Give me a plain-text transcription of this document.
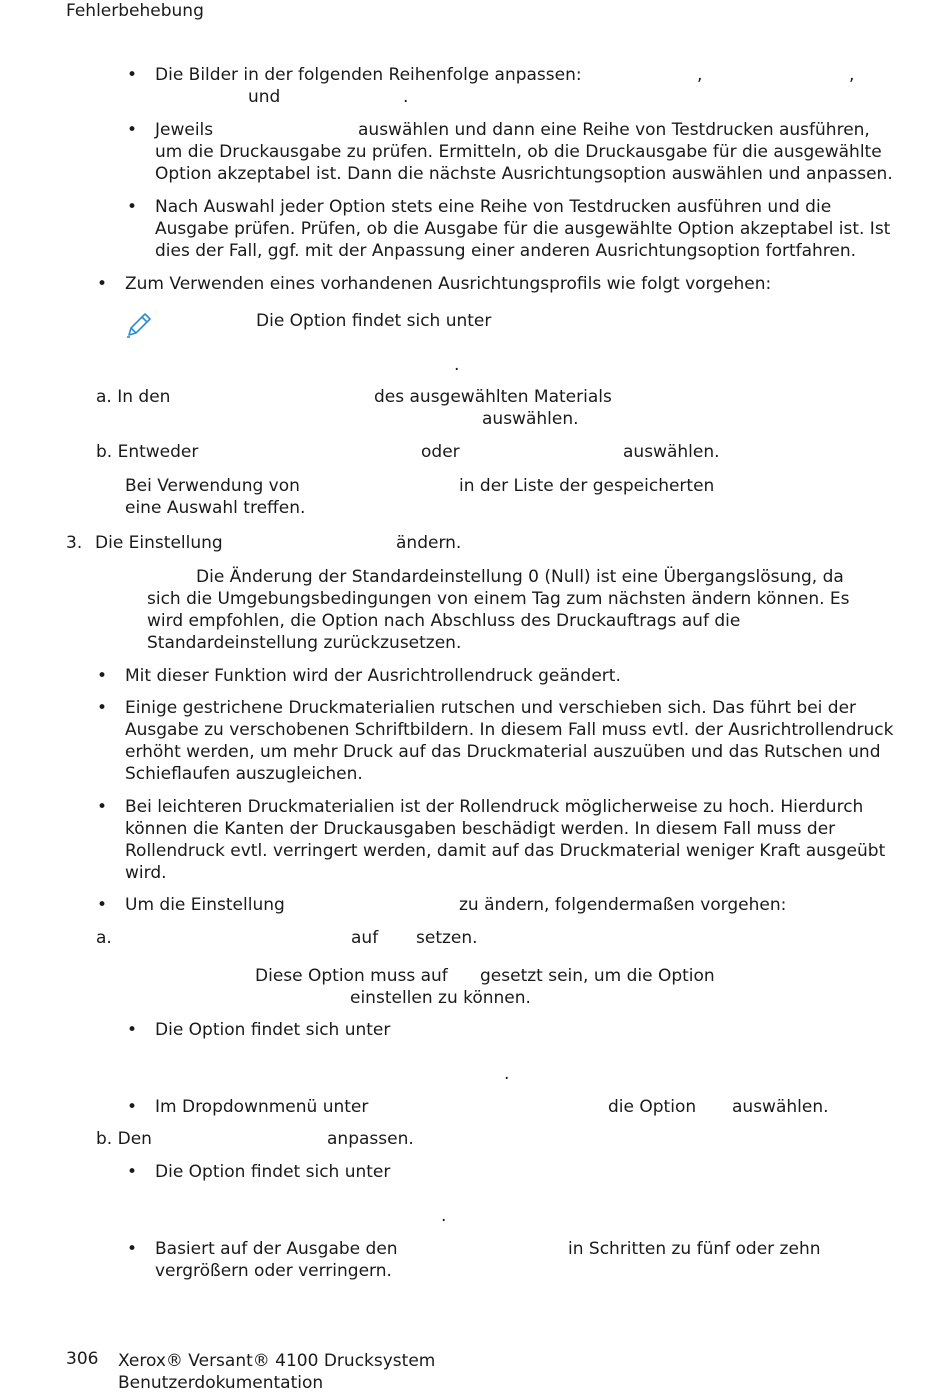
Fehlerbehebung
• Die Bilder in der folgenden Reihenfolge anpassen:	,	,
und	.
• Jeweils	auswählen und dann eine Reihe von Testdrucken ausführen,
um die Druckausgabe zu prüfen. Ermitteln, ob die Druckausgabe für die ausgewählte
Option akzeptabel ist. Dann die nächste Ausrichtungsoption auswählen und anpassen.
• Nach Auswahl jeder Option stets eine Reihe von Testdrucken ausführen und die
Ausgabe prüfen. Prüfen, ob die Ausgabe für die ausgewählte Option akzeptabel ist. Ist
dies der Fall, ggf. mit der Anpassung einer anderen Ausrichtungsoption fortfahren.
• Zum Verwenden eines vorhandenen Ausrichtungsprofils wie folgt vorgehen:
Die Option findet sich unter
.
a. In den	des ausgewählten Materials
auswählen.
b. Entweder	oder	auswählen.
Bei Verwendung von	in der Liste der gespeicherten
eine Auswahl treffen.
3. Die Einstellung	ändern.
Die Änderung der Standardeinstellung 0 (Null) ist eine Übergangslösung, da
sich die Umgebungsbedingungen von einem Tag zum nächsten ändern können. Es
wird empfohlen, die Option nach Abschluss des Druckauftrags auf die
Standardeinstellung zurückzusetzen.
• Mit dieser Funktion wird der Ausrichtrollendruck geändert.
• Einige gestrichene Druckmaterialien rutschen und verschieben sich. Das führt bei der
Ausgabe zu verschobenen Schriftbildern. In diesem Fall muss evtl. der Ausrichtrollendruck
erhöht werden, um mehr Druck auf das Druckmaterial auszuüben und das Rutschen und
Schieflaufen auszugleichen.
• Bei leichteren Druckmaterialien ist der Rollendruck möglicherweise zu hoch. Hierdurch
können die Kanten der Druckausgaben beschädigt werden. In diesem Fall muss der
Rollendruck evtl. verringert werden, damit auf das Druckmaterial weniger Kraft ausgeübt
wird.
• Um die Einstellung	zu ändern, folgendermaßen vorgehen:
a.	auf setzen.
Diese Option muss auf gesetzt sein, um die Option
einstellen zu können.
• Die Option findet sich unter
.
• Im Dropdownmenü unter	die Option auswählen.
b. Den	anpassen.
• Die Option findet sich unter
.
• Basiert auf der Ausgabe den	in Schritten zu fünf oder zehn
vergrößern oder verringern.
306 Xerox® Versant® 4100 Drucksystem
Benutzerdokumentation
